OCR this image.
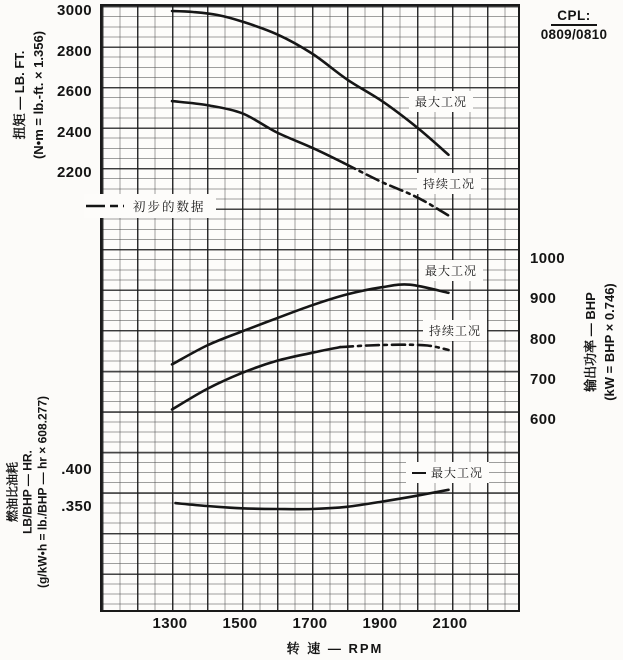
CPL:
0809/0810
初步的数据
扭矩 — LB. FT. (N•m = lb.-ft. × 1.356)
输出功率 — BHP (kW = BHP × 0.746)
燃油比油耗 LB/BHP — HR. (g/kW•h = lb./BHP — hr × 608.277)
最大工况
持续工况
最大工况
持续工况
最大工况
转 速 — RPM
3000
2800
2600
2400
2200
1000
900
800
700
600
.400
.350
1300	1500	1700	1900	2100
